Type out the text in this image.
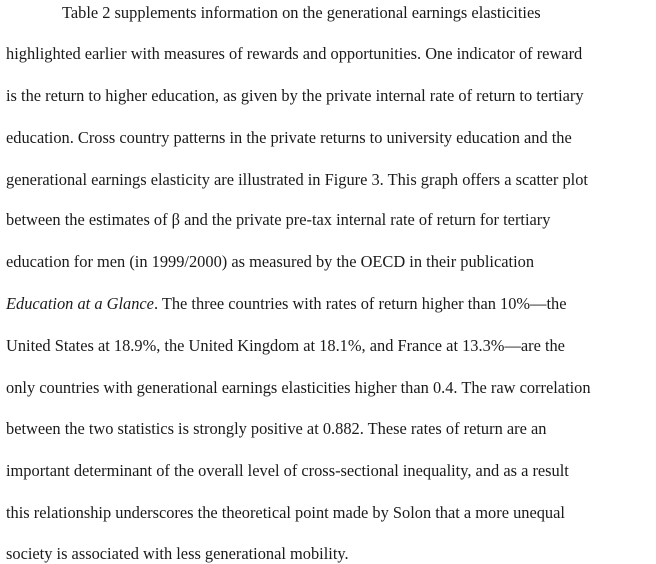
Table 2 supplements information on the generational earnings elasticities
highlighted earlier with measures of rewards and opportunities. One indicator of reward
is the return to higher education, as given by the private internal rate of return to tertiary
education. Cross country patterns in the private returns to university education and the
generational earnings elasticity are illustrated in Figure 3. This graph offers a scatter plot
between the estimates of β and the private pre-tax internal rate of return for tertiary
education for men (in 1999/2000) as measured by the OECD in their publication
Education at a Glance. The three countries with rates of return higher than 10%—the
United States at 18.9%, the United Kingdom at 18.1%, and France at 13.3%—are the
only countries with generational earnings elasticities higher than 0.4. The raw correlation
between the two statistics is strongly positive at 0.882. These rates of return are an
important determinant of the overall level of cross-sectional inequality, and as a result
this relationship underscores the theoretical point made by Solon that a more unequal
society is associated with less generational mobility.
